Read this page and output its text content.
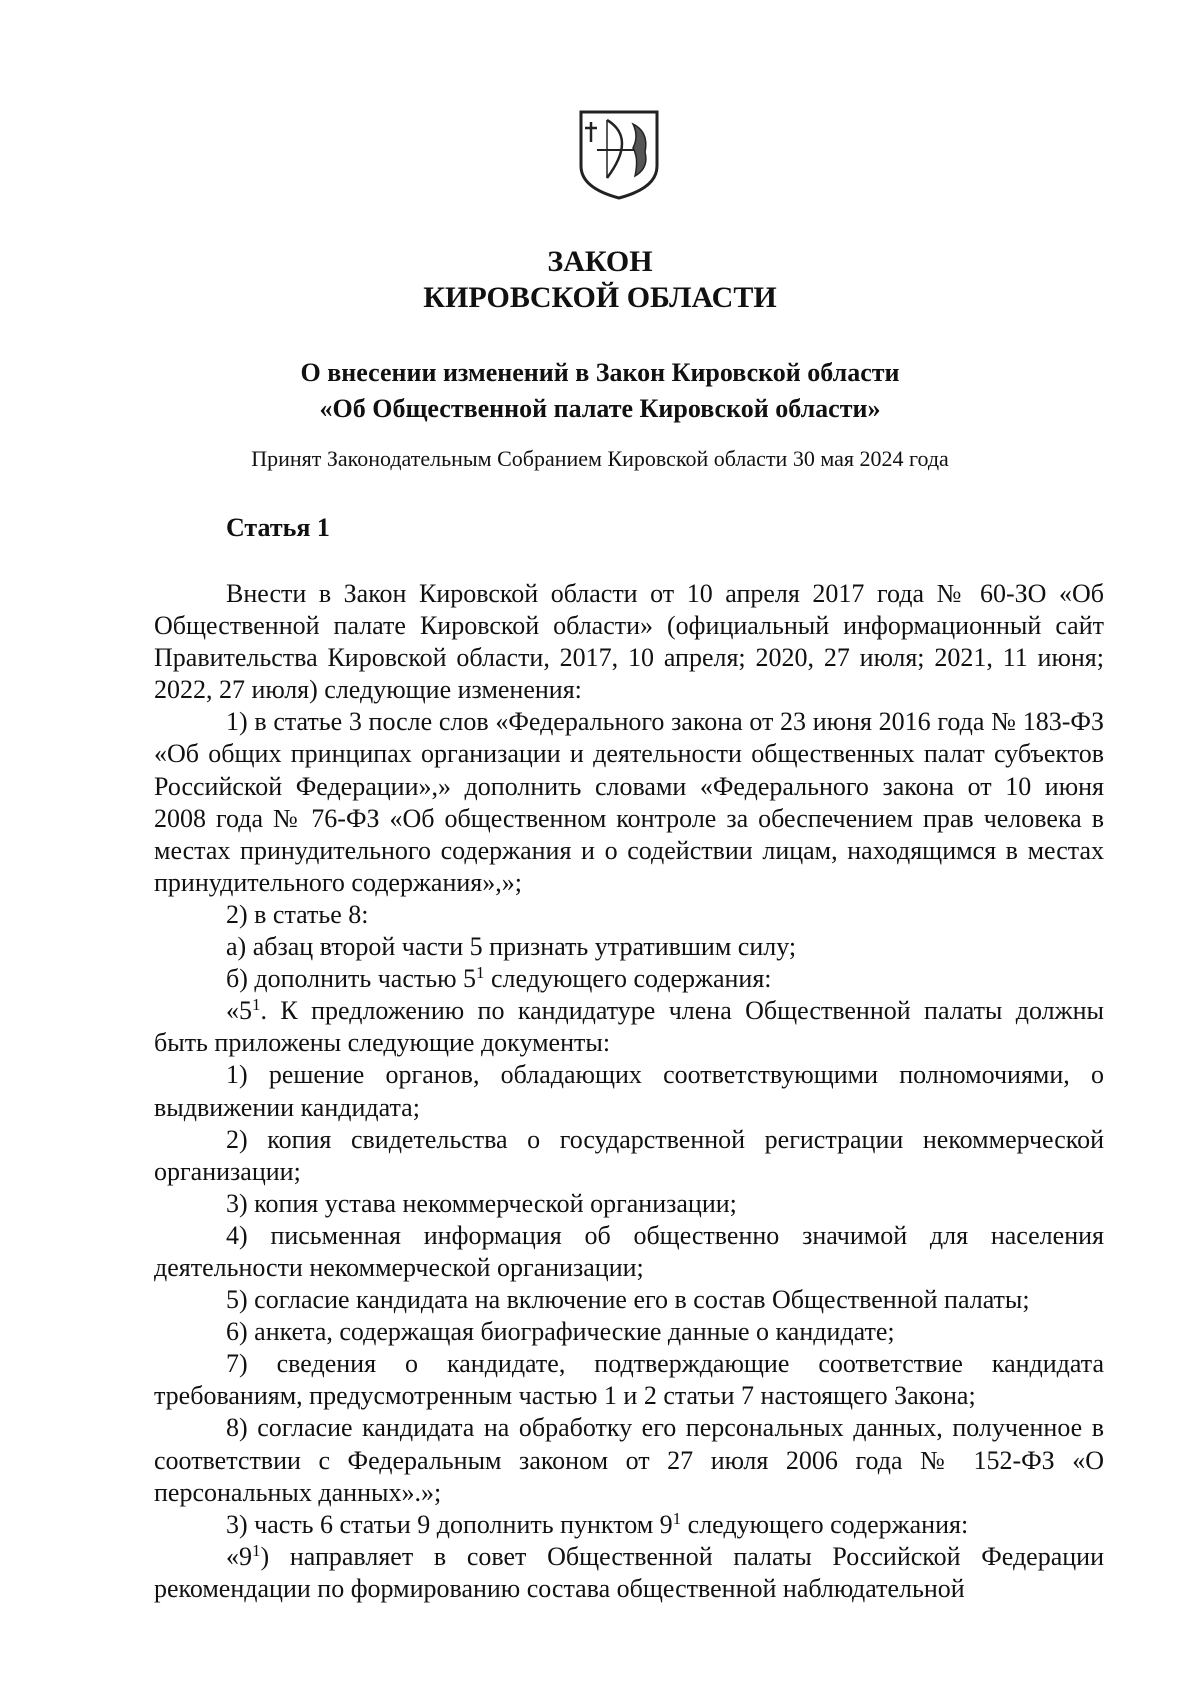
ЗАКОН
КИРОВСКОЙ ОБЛАСТИ
О внесении изменений в Закон Кировской области
«Об Общественной палате Кировской области»
Принят Законодательным Собранием Кировской области 30 мая 2024 года
Статья 1

Внести в Закон Кировской области от 10 апреля 2017 года № 60-ЗО «Об Общественной палате Кировской области» (официальный информационный сайт Правительства Кировской области, 2017, 10 апреля; 2020, 27 июля; 2021, 11 июня; 2022, 27 июля) следующие изменения:

1) в статье 3 после слов «Федерального закона от 23 июня 2016 года № 183-ФЗ «Об общих принципах организации и деятельности общественных палат субъектов Российской Федерации»,» дополнить словами «Федерального закона от 10 июня 2008 года № 76-ФЗ «Об общественном контроле за обеспечением прав человека в местах принудительного содержания и о содействии лицам, находящимся в местах принудительного содержания»,»;

2) в статье 8:

а) абзац второй части 5 признать утратившим силу;

б) дополнить частью $5^1$ следующего содержания:

«$5^1$. К предложению по кандидатуре члена Общественной палаты должны быть приложены следующие документы:

1) решение органов, обладающих соответствующими полномочиями, о выдвижении кандидата;

2) копия свидетельства о государственной регистрации некоммерческой организации;

3) копия устава некоммерческой организации;

4) письменная информация об общественно значимой для населения деятельности некоммерческой организации;

5) согласие кандидата на включение его в состав Общественной палаты;

6) анкета, содержащая биографические данные о кандидате;

7) сведения о кандидате, подтверждающие соответствие кандидата требованиям, предусмотренным частью 1 и 2 статьи 7 настоящего Закона;

8) согласие кандидата на обработку его персональных данных, полученное в соответствии с Федеральным законом от 27 июля 2006 года № 152-ФЗ «О персональных данных».»;

3) часть 6 статьи 9 дополнить пунктом $9^1$ следующего содержания:

«$9^1$) направляет в совет Общественной палаты Российской Федерации рекомендации по формированию состава общественной наблюдательной
